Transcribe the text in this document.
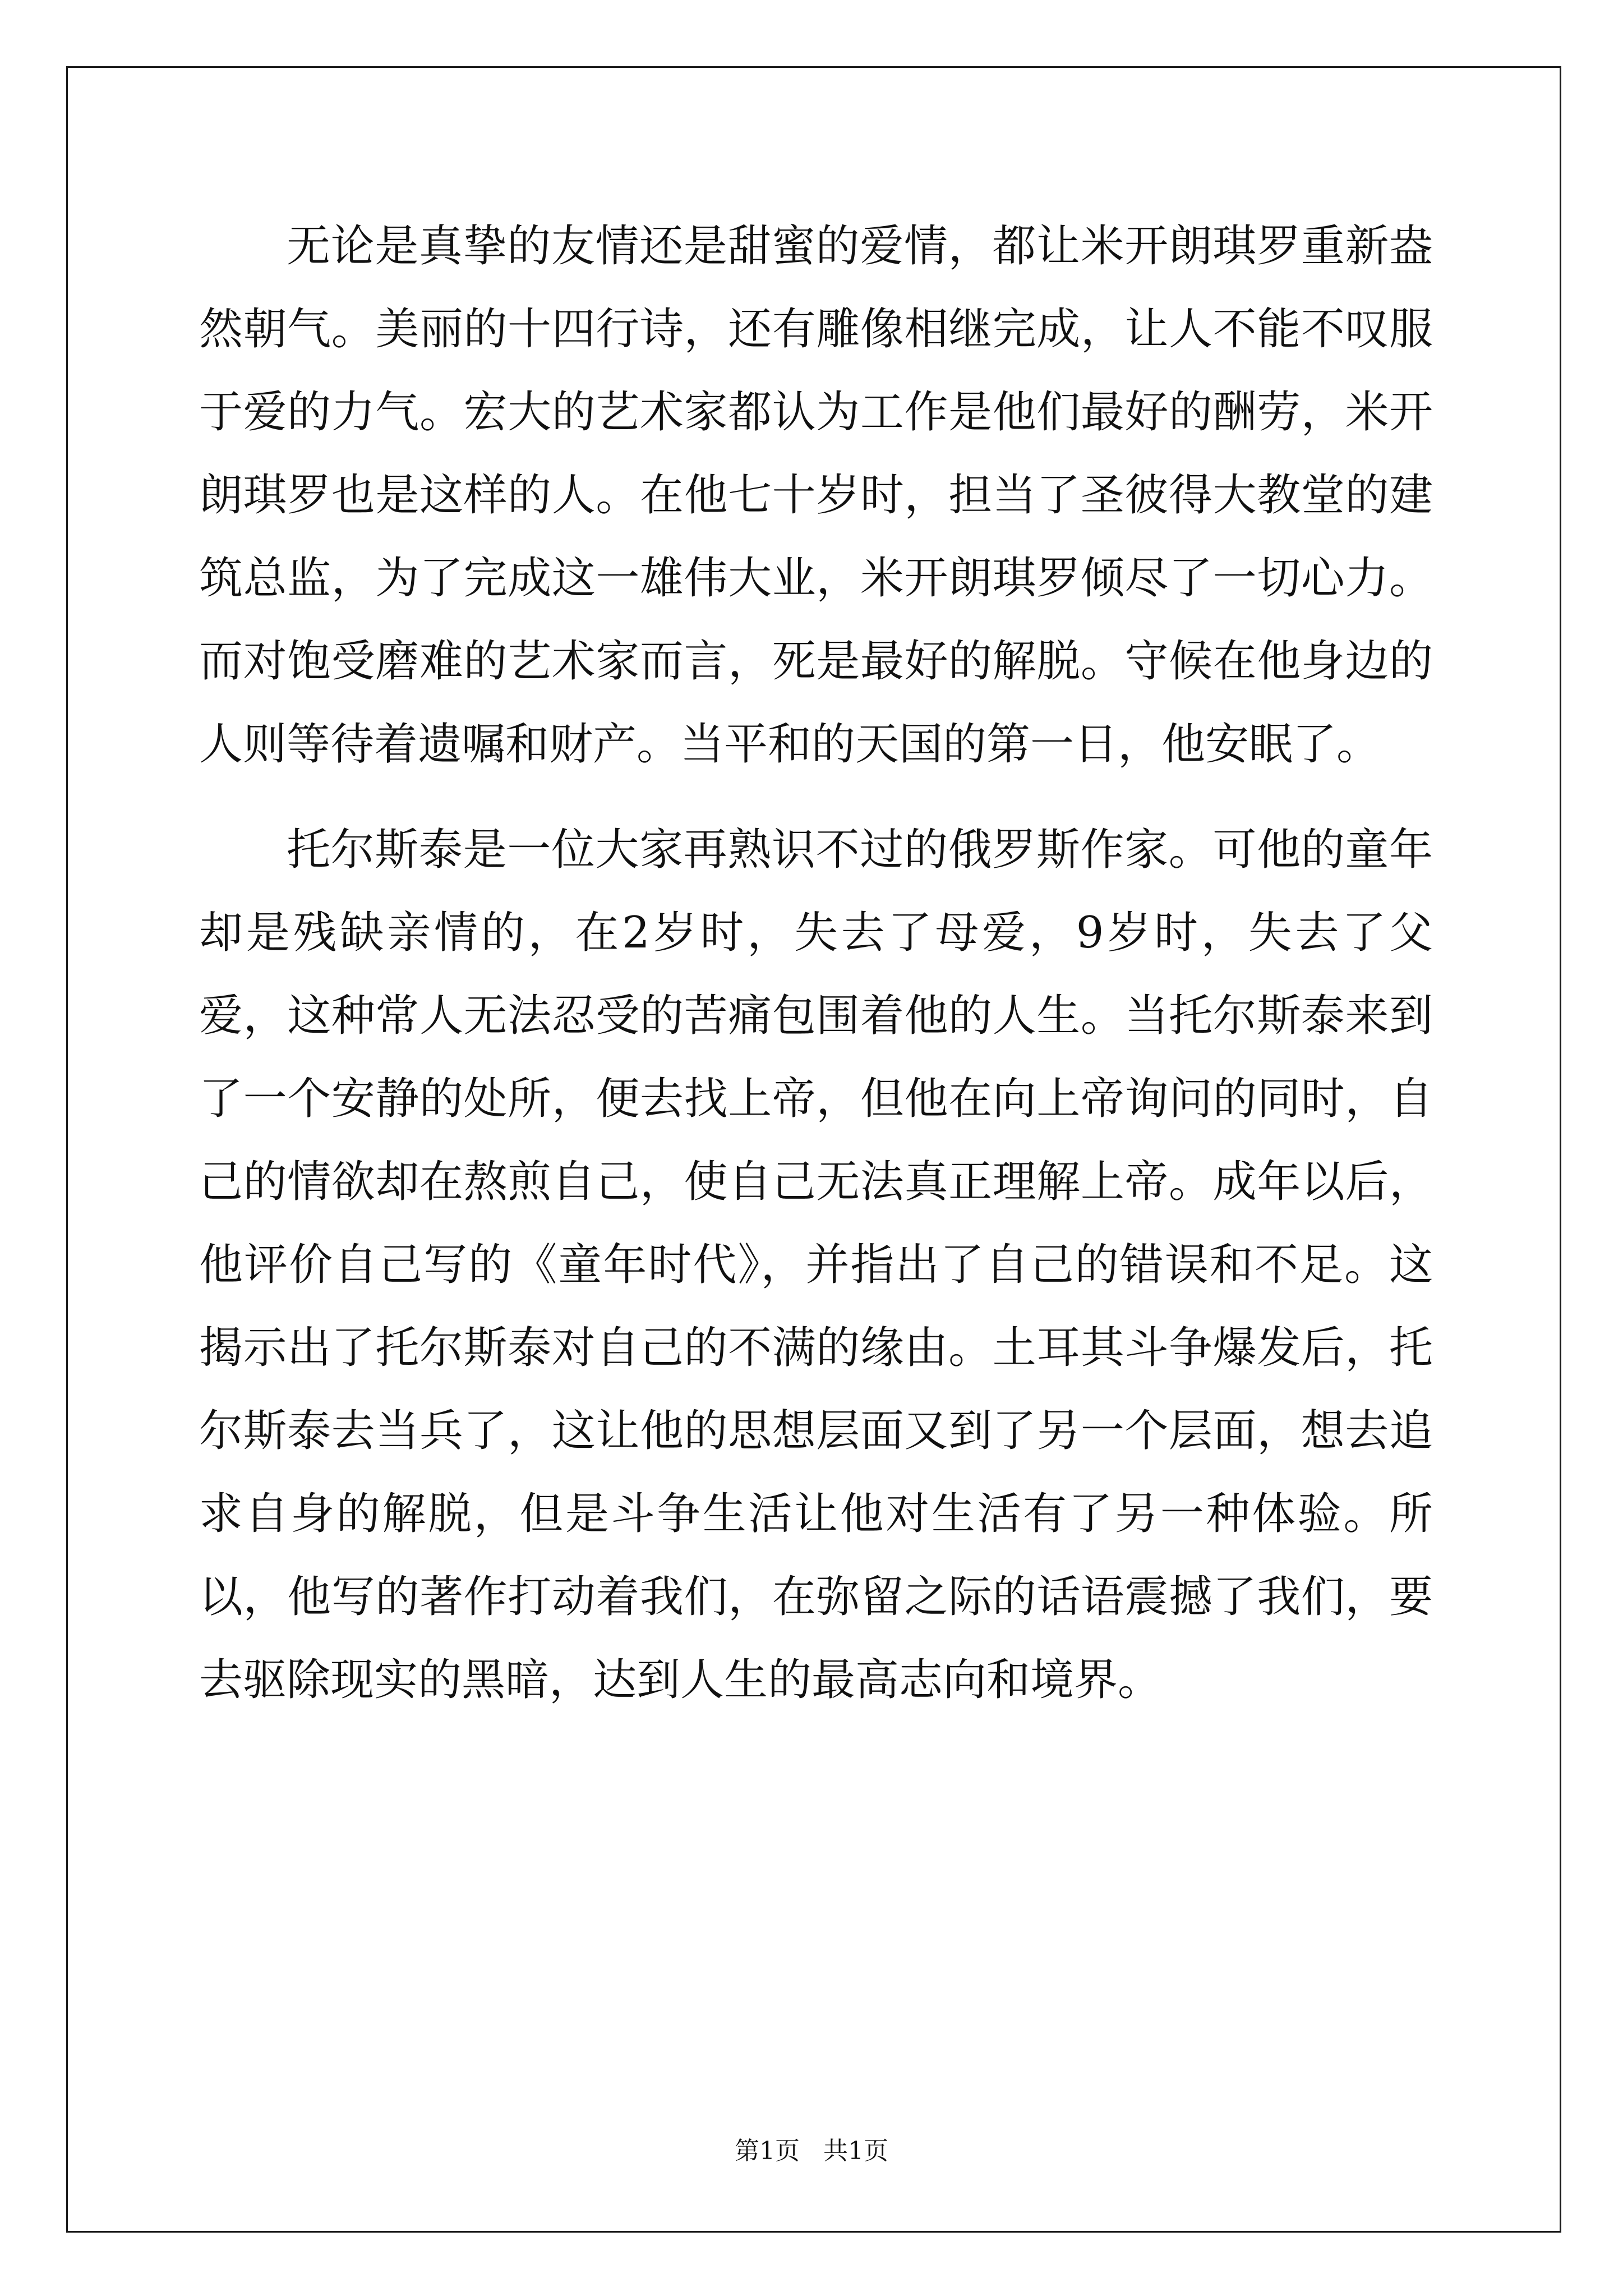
无论是真挚的友情还是甜蜜的爱情，都让米开朗琪罗重新盎然朝气。美丽的十四行诗，还有雕像相继完成，让人不能不叹服于爱的力气。宏大的艺术家都认为工作是他们最好的酬劳，米开朗琪罗也是这样的人。在他七十岁时，担当了圣彼得大教堂的建筑总监，为了完成这一雄伟大业，米开朗琪罗倾尽了一切心力。而对饱受磨难的艺术家而言，死是最好的解脱。守候在他身边的人则等待着遗嘱和财产。当平和的天国的第一日，他安眠了。

托尔斯泰是一位大家再熟识不过的俄罗斯作家。可他的童年却是残缺亲情的，在2岁时，失去了母爱，9岁时，失去了父爱，这种常人无法忍受的苦痛包围着他的人生。当托尔斯泰来到了一个安静的处所，便去找上帝，但他在向上帝询问的同时，自己的情欲却在熬煎自己，使自己无法真正理解上帝。成年以后，他评价自己写的《童年时代》，并指出了自己的错误和不足。这揭示出了托尔斯泰对自己的不满的缘由。土耳其斗争爆发后，托尔斯泰去当兵了，这让他的思想层面又到了另一个层面，想去追求自身的解脱，但是斗争生活让他对生活有了另一种体验。所以，他写的著作打动着我们，在弥留之际的话语震撼了我们，要去驱除现实的黑暗，达到人生的最高志向和境界。

第1页   共1页
